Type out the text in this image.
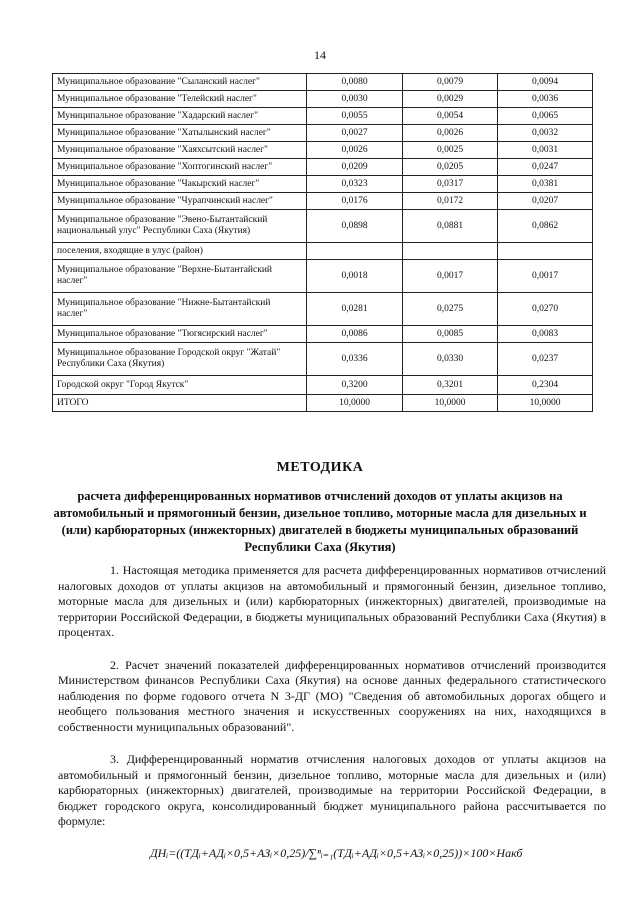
14
Муниципальное образование "Сыланский наслег"	0,0080	0,0079	0,0094
Муниципальное образование "Телейский наслег"	0,0030	0,0029	0,0036
Муниципальное образование "Хадарский наслег"	0,0055	0,0054	0,0065
Муниципальное образование "Хатылынский наслег"	0,0027	0,0026	0,0032
Муниципальное образование "Хаяхсытский наслег"	0,0026	0,0025	0,0031
Муниципальное образование "Хоптогинский наслег"	0,0209	0,0205	0,0247
Муниципальное образование "Чакырский наслег"	0,0323	0,0317	0,0381
Муниципальное образование "Чурапчинский наслег"	0,0176	0,0172	0,0207
Муниципальное образование "Эвено-Бытантайский национальный улус" Республики Саха (Якутия)	0,0898	0,0881	0,0862
поселения, входящие в улус (район)			
Муниципальное образование "Верхне-Бытантайский наслег"	0,0018	0,0017	0,0017
Муниципальное образование "Нижне-Бытантайский наслег"	0,0281	0,0275	0,0270
Муниципальное образование "Тюгясирский наслег"	0,0086	0,0085	0,0083
Муниципальное образование Городской округ "Жатай" Республики Саха (Якутия)	0,0336	0,0330	0,0237
Городской округ "Город Якутск"	0,3200	0,3201	0,2304
ИТОГО	10,0000	10,0000	10,0000
МЕТОДИКА

расчета дифференцированных нормативов отчислений доходов от уплаты акцизов на автомобильный и прямогонный бензин, дизельное топливо, моторные масла для дизельных и (или) карбюраторных (инжекторных) двигателей в бюджеты муниципальных образований Республики Саха (Якутия)

1. Настоящая методика применяется для расчета дифференцированных нормативов отчислений налоговых доходов от уплаты акцизов на автомобильный и прямогонный бензин, дизельное топливо, моторные масла для дизельных и (или) карбюраторных (инжекторных) двигателей, производимые на территории Российской Федерации, в бюджеты муниципальных образований Республики Саха (Якутия) в процентах.

2. Расчет значений показателей дифференцированных нормативов отчислений производится Министерством финансов Республики Саха (Якутия) на основе данных федерального статистического наблюдения по форме годового отчета N 3-ДГ (МО) "Сведения об автомобильных дорогах общего и необщего пользования местного значения и искусственных сооружениях на них, находящихся в собственности муниципальных образований".

3. Дифференцированный норматив отчисления налоговых доходов от уплаты акцизов на автомобильный и прямогонный бензин, дизельное топливо, моторные масла для дизельных и (или) карбюраторных (инжекторных) двигателей, производимые на территории Российской Федерации, в бюджет городского округа, консолидированный бюджет муниципального района рассчитывается по формуле:

ДНᵢ=((ТДᵢ+АДᵢ×0,5+АЗᵢ×0,25)/∑ⁿᵢ₌₁(ТДᵢ+АДᵢ×0,5+АЗᵢ×0,25))×100×Hакб
